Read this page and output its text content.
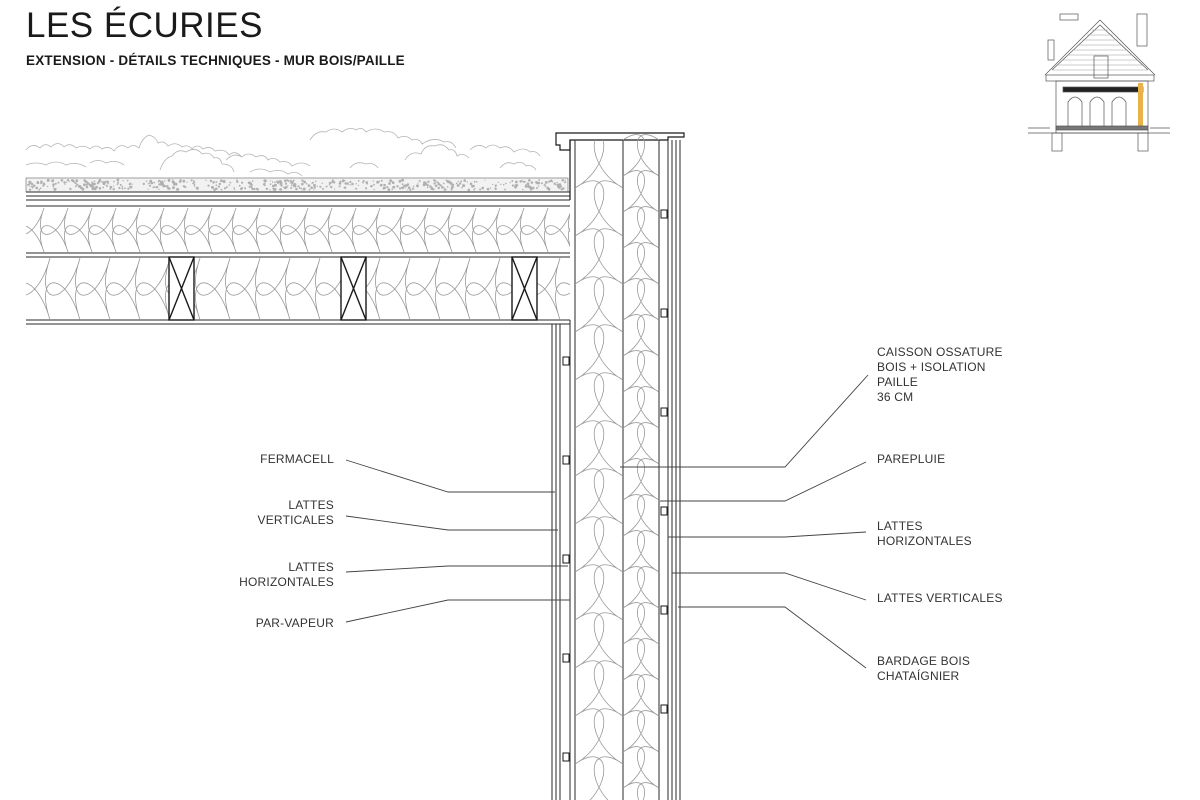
LES ÉCURIES
EXTENSION - DÉTAILS TECHNIQUES - MUR BOIS/PAILLE
FERMACELL
LATTES
VERTICALES
LATTES
HORIZONTALES
PAR-VAPEUR
CAISSON OSSATURE
BOIS + ISOLATION
PAILLE
36 CM
PAREPLUIE
LATTES
HORIZONTALES
LATTES VERTICALES
BARDAGE BOIS
CHATAÍGNIER
